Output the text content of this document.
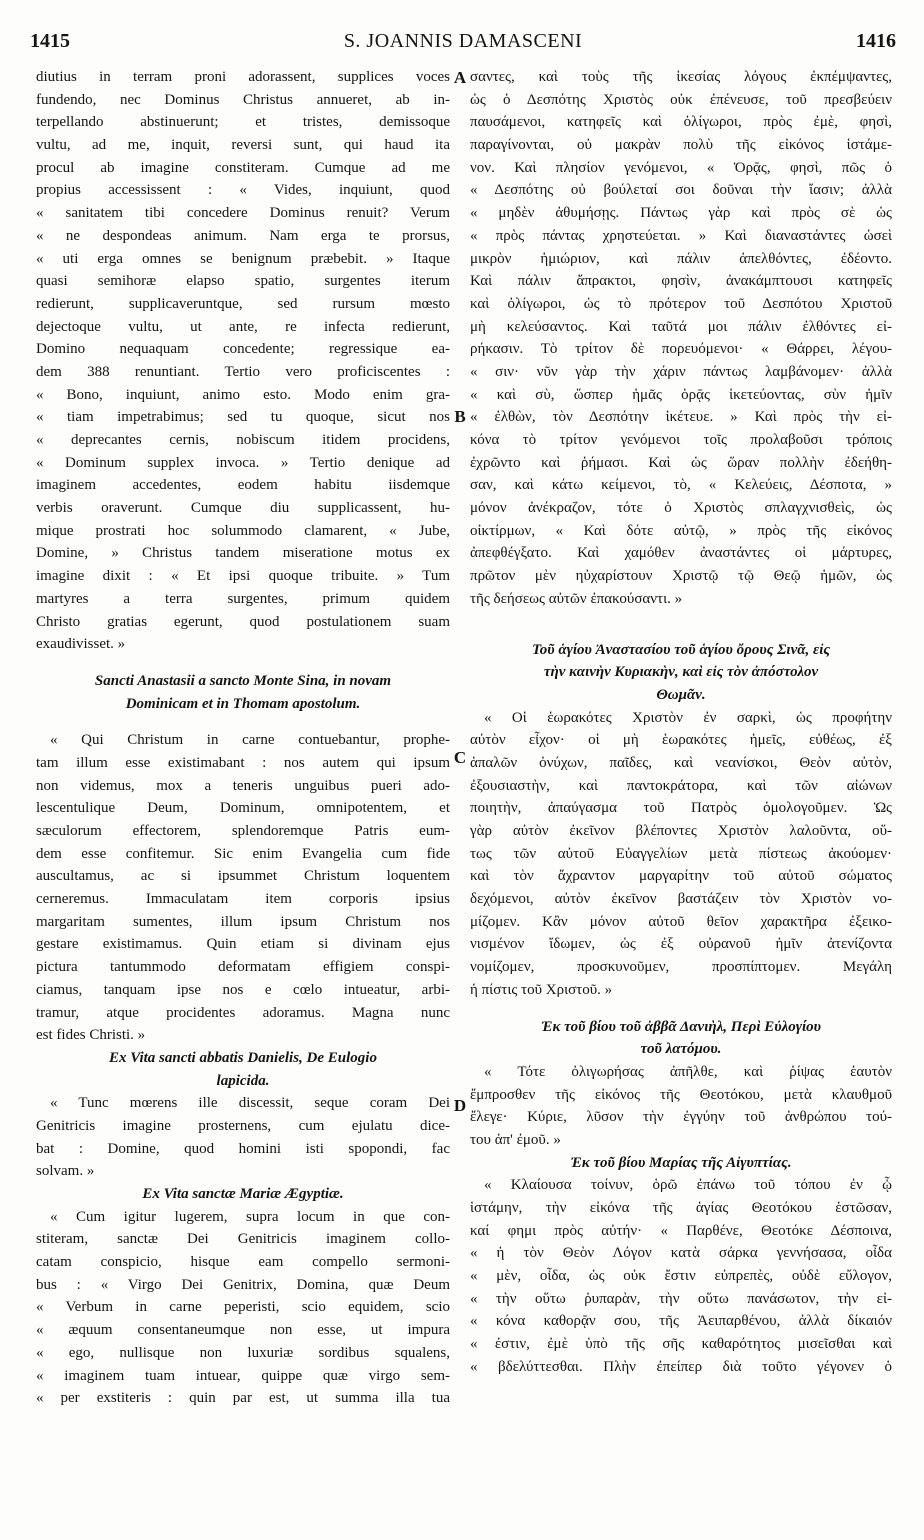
S. JOANNIS DAMASCENI
1415	1416
diutius in terram proni adorassent, supplices voces
fundendo, nec Dominus Christus annueret, ab in-
terpellando abstinuerunt; et tristes, demissoque
vultu, ad me, inquit, reversi sunt, qui haud ita
procul ab imagine constiteram. Cumque ad me
propius accessissent : « Vides, inquiunt, quod
« sanitatem tibi concedere Dominus renuit? Verum
« ne despondeas animum. Nam erga te prorsus,
« uti erga omnes se benignum præbebit. » Itaque
quasi semihoræ elapso spatio, surgentes iterum
redierunt, supplicaveruntque, sed rursum mœsto
dejectoque vultu, ut ante, re infecta redierunt,
Domino nequaquam concedente; regressique ea-
dem 388 renuntiant. Tertio vero proficiscentes :
« Bono, inquiunt, animo esto. Modo enim gra-
« tiam impetrabimus; sed tu quoque, sicut nos
« deprecantes cernis, nobiscum itidem procidens,
« Dominum supplex invoca. » Tertio denique ad
imaginem accedentes, eodem habitu iisdemque
verbis oraverunt. Cumque diu supplicassent, hu-
mique prostrati hoc solummodo clamarent, « Jube,
Domine, » Christus tandem miseratione motus ex
imagine dixit : « Et ipsi quoque tribuite. » Tum
martyres a terra surgentes, primum quidem
Christo gratias egerunt, quod postulationem suam
exaudivisset. »
Sancti Anastasii a sancto Monte Sina, in novam
Dominicam et in Thomam apostolum.
« Qui Christum in carne contuebantur, prophe-
tam illum esse existimabant : nos autem qui ipsum
non videmus, mox a teneris unguibus pueri ado-
lescentulique Deum, Dominum, omnipotentem, et
sæculorum effectorem, splendoremque Patris eum-
dem esse confitemur. Sic enim Evangelia cum fide
auscultamus, ac si ipsummet Christum loquentem
cerneremus. Immaculatam item corporis ipsius
margaritam sumentes, illum ipsum Christum nos
gestare existimamus. Quin etiam si divinam ejus
pictura tantummodo deformatam effigiem conspi-
ciamus, tanquam ipse nos e cœlo intueatur, arbi-
tramur, atque procidentes adoramus. Magna nunc
est fides Christi. »
Ex Vita sancti abbatis Danielis, De Eulogio
lapicida.
« Tunc mœrens ille discessit, seque coram Dei
Genitricis imagine prosternens, cum ejulatu dice-
bat : Domine, quod homini isti spopondi, fac
solvam. »
Ex Vita sanctæ Mariæ Ægyptiæ.
« Cum igitur lugerem, supra locum in que con-
stiteram, sanctæ Dei Genitricis imaginem collo-
catam conspicio, hisque eam compello sermoni-
bus : « Virgo Dei Genitrix, Domina, quæ Deum
« Verbum in carne peperisti, scio equidem, scio
« æquum consentaneumque non esse, ut impura
« ego, nullisque non luxuriæ sordibus squalens,
« imaginem tuam intuear, quippe quæ virgo sem-
« per exstiteris : quin par est, ut summa illa tua
σαντες, καὶ τοὺς τῆς ἱκεσίας λόγους ἐκπέμψαντες,
ὡς ὁ Δεσπότης Χριστὸς οὐκ ἐπένευσε, τοῦ πρεσβεύειν
παυσάμενοι, κατηφεῖς καὶ ὀλίγωροι, πρὸς ἐμὲ, φησὶ,
παραγίνονται, οὐ μακρὰν πολὺ τῆς εἰκόνος ἱστάμε-
νον. Καὶ πλησίον γενόμενοι, « Ὁρᾷς, φησὶ, πῶς ὁ
« Δεσπότης οὐ βούλεταί σοι δοῦναι τὴν ἴασιν; ἀλλὰ
« μηδὲν ἀθυμήσῃς. Πάντως γὰρ καὶ πρὸς σὲ ὡς
« πρὸς πάντας χρηστεύεται. » Καὶ διαναστάντες ὡσεὶ
μικρὸν ἡμιώριον, καὶ πάλιν ἀπελθόντες, ἐδέοντο.
Καὶ πάλιν ἄπρακτοι, φησὶν, ἀνακάμπτουσι κατηφεῖς
καὶ ὀλίγωροι, ὡς τὸ πρότερον τοῦ Δεσπότου Χριστοῦ
μὴ κελεύσαντος. Καὶ ταῦτά μοι πάλιν ἐλθόντες εἰ-
ρήκασιν. Τὸ τρίτον δὲ πορευόμενοι· « Θάρρει, λέγου-
« σιν· νῦν γὰρ τὴν χάριν πάντως λαμβάνομεν· ἀλλὰ
« καὶ σὺ, ὥσπερ ἡμᾶς ὁρᾷς ἱκετεύοντας, σὺν ἡμῖν
« ἐλθὼν, τὸν Δεσπότην ἱκέτευε. » Καὶ πρὸς τὴν εἰ-
κόνα τὸ τρίτον γενόμενοι τοῖς προλαβοῦσι τρόποις
ἐχρῶντο καὶ ῥήμασι. Καὶ ὡς ὥραν πολλὴν ἐδεήθη-
σαν, καὶ κάτω κείμενοι, τὸ, « Κελεύεις, Δέσποτα, »
μόνον ἀνέκραζον, τότε ὁ Χριστὸς σπλαγχνισθεὶς, ὡς
οἰκτίρμων, « Καὶ δότε αὐτῷ, » πρὸς τῆς εἰκόνος
ἀπεφθέγξατο. Καὶ χαμόθεν ἀναστάντες οἱ μάρτυρες,
πρῶτον μὲν ηὐχαρίστουν Χριστῷ τῷ Θεῷ ἡμῶν, ὡς
τῆς δεήσεως αὐτῶν ἐπακούσαντι. »
Τοῦ ἁγίου Ἀναστασίου τοῦ ἁγίου ὄρους Σινᾶ, εἰς
τὴν καινὴν Κυριακὴν, καὶ εἰς τὸν ἀπόστολον
Θωμᾶν.
« Οἱ ἑωρακότες Χριστὸν ἐν σαρκὶ, ὡς προφήτην
αὐτὸν εἶχον· οἱ μὴ ἑωρακότες ἡμεῖς, εὐθέως, ἐξ
ἁπαλῶν ὀνύχων, παῖδες, καὶ νεανίσκοι, Θεὸν αὐτὸν,
ἐξουσιαστὴν, καὶ παντοκράτορα, καὶ τῶν αἰώνων
ποιητὴν, ἀπαύγασμα τοῦ Πατρὸς ὁμολογοῦμεν. Ὡς
γὰρ αὐτὸν ἐκεῖνον βλέποντες Χριστὸν λαλοῦντα, οὕ-
τως τῶν αὐτοῦ Εὐαγγελίων μετὰ πίστεως ἀκούομεν·
καὶ τὸν ἄχραντον μαργαρίτην τοῦ αὐτοῦ σώματος
δεχόμενοι, αὐτὸν ἐκεῖνον βαστάζειν τὸν Χριστὸν νο-
μίζομεν. Κἂν μόνον αὐτοῦ θεῖον χαρακτῆρα ἐξεικο-
νισμένον ἴδωμεν, ὡς ἐξ οὐρανοῦ ἡμῖν ἀτενίζοντα
νομίζομεν, προσκυνοῦμεν, προσπίπτομεν. Μεγάλη
ἡ πίστις τοῦ Χριστοῦ. »
Ἐκ τοῦ βίου τοῦ ἀββᾶ Δανιὴλ, Περὶ Εὐλογίου
τοῦ λατόμου.
« Τότε ὀλιγωρήσας ἀπῆλθε, καὶ ῥίψας ἑαυτὸν
ἔμπροσθεν τῆς εἰκόνος τῆς Θεοτόκου, μετὰ κλαυθμοῦ
ἔλεγε· Κύριε, λῦσον τὴν ἐγγύην τοῦ ἀνθρώπου τού-
του ἀπ' ἐμοῦ. »
Ἐκ τοῦ βίου Μαρίας τῆς Αἰγυπτίας.
« Κλαίουσα τοίνυν, ὁρῶ ἐπάνω τοῦ τόπου ἐν ᾧ
ἱστάμην, τὴν εἰκόνα τῆς ἁγίας Θεοτόκου ἑστῶσαν,
καί φημι πρὸς αὐτήν· « Παρθένε, Θεοτόκε Δέσποινα,
« ἡ τὸν Θεὸν Λόγον κατὰ σάρκα γεννήσασα, οἶδα
« μὲν, οἶδα, ὡς οὐκ ἔστιν εὐπρεπὲς, οὐδὲ εὔλογον,
« τὴν οὕτω ῥυπαρὰν, τὴν οὕτω πανάσωτον, τὴν εἰ-
« κόνα καθορᾷν σου, τῆς Ἀειπαρθένου, ἀλλὰ δίκαιόν
« ἐστιν, ἐμὲ ὑπὸ τῆς σῆς καθαρότητος μισεῖσθαι καὶ
« βδελύττεσθαι. Πλὴν ἐπείπερ διὰ τοῦτο γέγονεν ὁ
A
B
C
D
